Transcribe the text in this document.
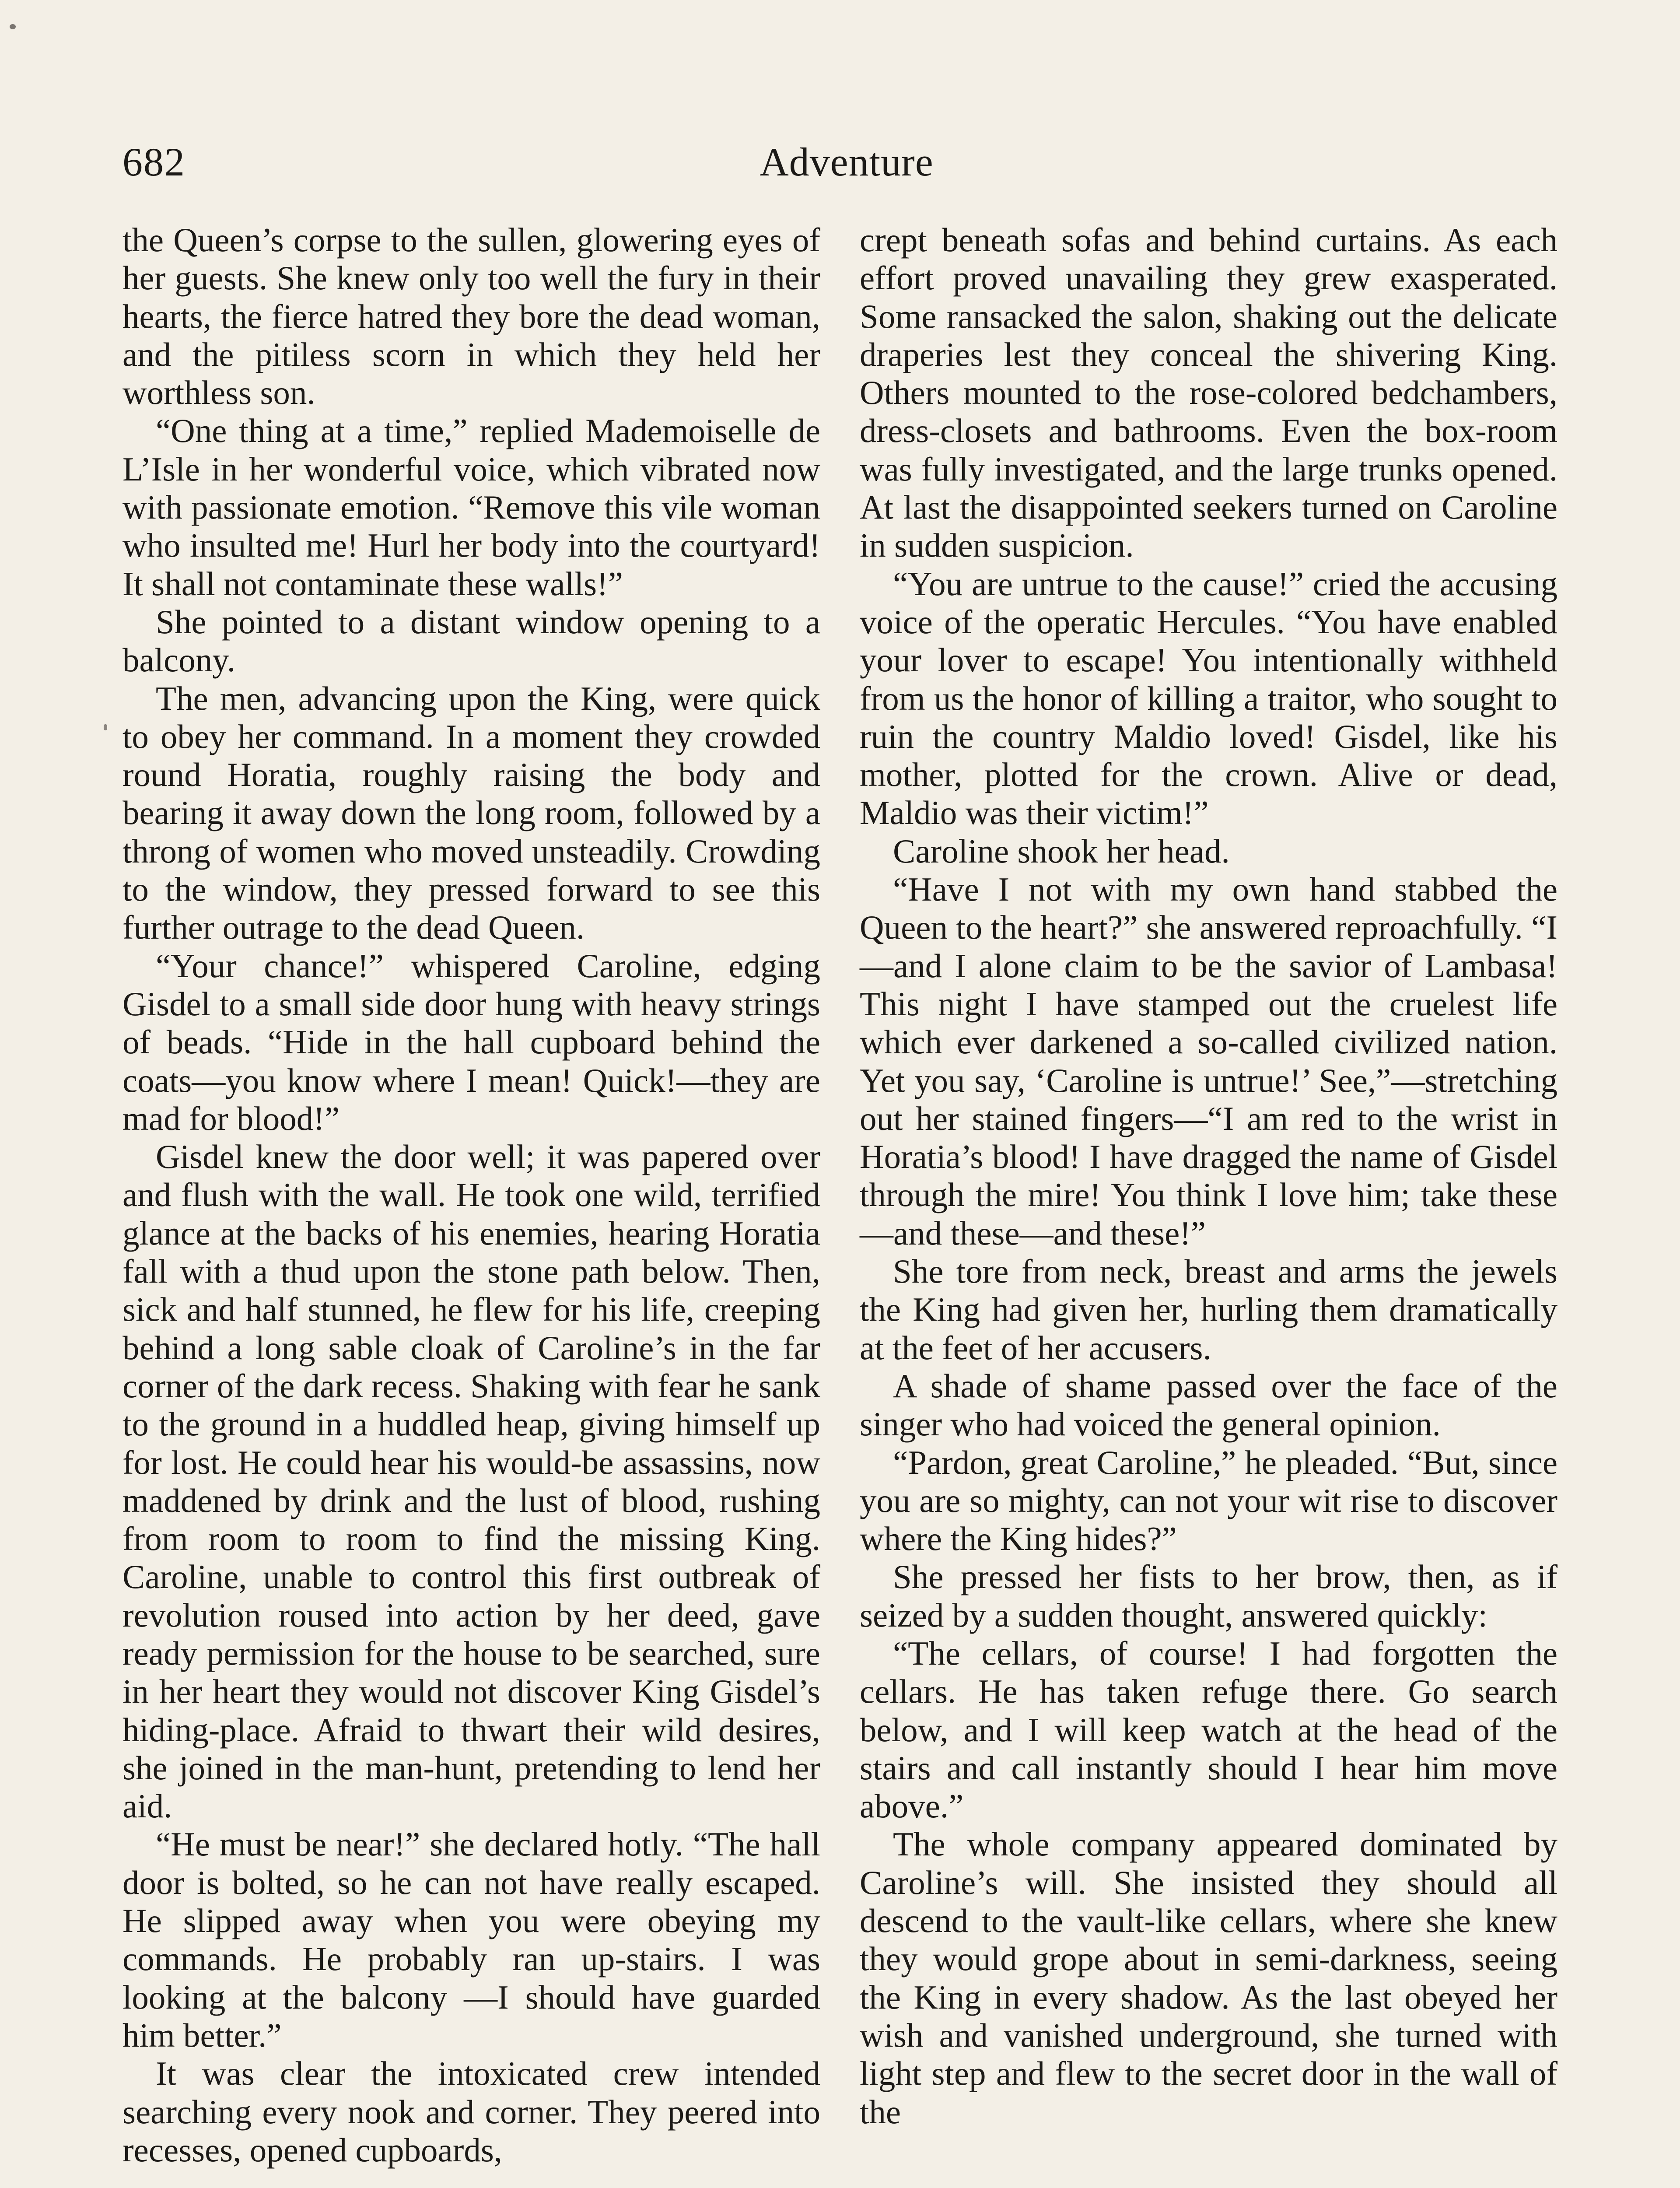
682	Adventure

the Queen’s corpse to the sullen, glowering eyes of her guests. She knew only too well the fury in their hearts, the fierce hatred they bore the dead woman, and the pitiless scorn in which they held her worthless son.

“One thing at a time,” replied Mademoiselle de L’Isle in her wonderful voice, which vibrated now with passionate emotion. “Remove this vile woman who insulted me! Hurl her body into the courtyard! It shall not contaminate these walls!”

She pointed to a distant window opening to a balcony.

The men, advancing upon the King, were quick to obey her command. In a moment they crowded round Horatia, roughly raising the body and bearing it away down the long room, followed by a throng of women who moved unsteadily. Crowding to the window, they pressed forward to see this further outrage to the dead Queen.

“Your chance!” whispered Caroline, edging Gisdel to a small side door hung with heavy strings of beads. “Hide in the hall cupboard behind the coats—you know where I mean! Quick!—they are mad for blood!”

Gisdel knew the door well; it was papered over and flush with the wall. He took one wild, terrified glance at the backs of his enemies, hearing Horatia fall with a thud upon the stone path below. Then, sick and half stunned, he flew for his life, creeping behind a long sable cloak of Caroline’s in the far corner of the dark recess. Shaking with fear he sank to the ground in a huddled heap, giving himself up for lost. He could hear his would-be assassins, now maddened by drink and the lust of blood, rushing from room to room to find the missing King. Caroline, unable to control this first outbreak of revolution roused into action by her deed, gave ready permission for the house to be searched, sure in her heart they would not discover King Gisdel’s hiding-place. Afraid to thwart their wild desires, she joined in the man-hunt, pretending to lend her aid.

“He must be near!” she declared hotly. “The hall door is bolted, so he can not have really escaped. He slipped away when you were obeying my commands. He probably ran up-stairs. I was looking at the balcony —I should have guarded him better.”

It was clear the intoxicated crew intended searching every nook and corner. They peered into recesses, opened cupboards,

crept beneath sofas and behind curtains. As each effort proved unavailing they grew exasperated. Some ransacked the salon, shaking out the delicate draperies lest they conceal the shivering King. Others mounted to the rose-colored bedchambers, dress-closets and bathrooms. Even the box-room was fully investigated, and the large trunks opened. At last the disappointed seekers turned on Caroline in sudden suspicion.

“You are untrue to the cause!” cried the accusing voice of the operatic Hercules. “You have enabled your lover to escape! You intentionally withheld from us the honor of killing a traitor, who sought to ruin the country Maldio loved! Gisdel, like his mother, plotted for the crown. Alive or dead, Maldio was their victim!”

Caroline shook her head.

“Have I not with my own hand stabbed the Queen to the heart?” she answered reproachfully. “I—and I alone claim to be the savior of Lambasa! This night I have stamped out the cruelest life which ever darkened a so-called civilized nation. Yet you say, ‘Caroline is untrue!’ See,”—stretching out her stained fingers—“I am red to the wrist in Horatia’s blood! I have dragged the name of Gisdel through the mire! You think I love him; take these—and these—and these!”

She tore from neck, breast and arms the jewels the King had given her, hurling them dramatically at the feet of her accusers.

A shade of shame passed over the face of the singer who had voiced the general opinion.

“Pardon, great Caroline,” he pleaded. “But, since you are so mighty, can not your wit rise to discover where the King hides?”

She pressed her fists to her brow, then, as if seized by a sudden thought, answered quickly:

“The cellars, of course! I had forgotten the cellars. He has taken refuge there. Go search below, and I will keep watch at the head of the stairs and call instantly should I hear him move above.”

The whole company appeared dominated by Caroline’s will. She insisted they should all descend to the vault-like cellars, where she knew they would grope about in semi-darkness, seeing the King in every shadow. As the last obeyed her wish and vanished underground, she turned with light step and flew to the secret door in the wall of the
